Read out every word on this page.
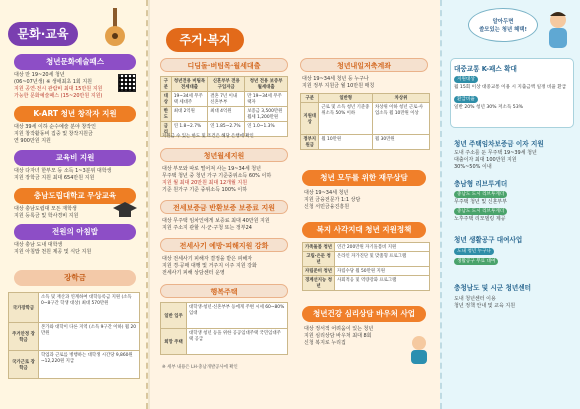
문화·교육
청년문화예술패스
대상 만 19~20세 청년
(06~07년생) ※ 생애최초 1회 지원
지원 공연·전시 관람비 최대 15만원 지원
가능한 문화예술패스 (15~20만원 지원)
K-ART 청년 창작자 지원
대상 39세 이하 순수예술 분야 창작인
지원 창작활동비 집중 및 창작지원금
연 900만원 지원
교육비 지원
대상 다자녀 한부모 등 소득 1~3분위 대학생
지원 장학금 지원 최대 654만원 지원
충남도립대학교 무상교육
대상 충남도립대 모든 재학생
지원 등록금 및 학사경비 지원
전원의 아침밥
대상 충남 도내 대학생
지원 아침밥 천원 제공 및 식단 지원
장학금
국가장학금	소득 및 재산과 연계하여 대학등록금 지원 (소득 0~8구간 학생 대상) 최대 570만원
주거안정 장학금	본가와 대학이 다른 지역 (소득 9구간 이하) 월 20만원
국가근로 장학금	학업과 근로를 병행하는 대학생 시간당 9,860원~12,220원 지급
주거·복지
디딤돌·버팀목·월세대출
구분	청년전용 버팀목 전세대출	신혼부부 전용 구입자금	청년 전용 보증부 월세대출
대상	19~34세 무주택 세대주	결혼 7년 이내 신혼부부	만 19~34세 무주택자
한도	최대 2억원	최대 4억원	보증금 3,500만원 월세 1,200만원
금리	연 1.8~2.7%	연 1.85~2.7%	연 1.0~1.3%
지원금 수 있는 한도 및 조건은 해당 은행에 확인
청년월세지원
대상 부모와 따로 떨어져 사는 19~34세 청년
무주택 청년 중 청년 가구 기준중위소득 60% 이하
지원 월 최대 20만원 최대 12개월 지원
기준 원가구 기준 중위소득 100% 이하
전세보증금 반환보증 보증료 지원
대상 무주택 임차인에게 보증료 최대 40만원 지원
지원 주소지 관할 시·군·구청 또는 정부24
전세사기 예방·피해지원 강화
대상 전세사기 피해자 결정을 받은 피해자
지원 경·공매 대행 및 거주지 이주 지원 강화
전세사기 피해 상담센터 운영
행복주택
일반 입주	대학생·청년·신혼부부 등에게 주변 시세 60~80% 임대
희망 주택	대학생 청년 등을 위한 공공임대주택 국민임대주택 공급
※ 세부 내용은 LH·충남개발공사에 확인
청년내일저축계좌
대상 19~34세 청년 등 누구나
지원 정부 지원금 월 10만원 매칭
구분	일반형	차상위
지원대상	근로 및 소득 청년 기준중위소득 50% 이하	차상위 이하 청년 근로·사업소득 월 10만원 이상
정부지원금	월 10만원	월 30만원
청년 모두를 위한 재무상담
대상 19~34세 청년
지원 금융전문가 1:1 상담
신청 서민금융진흥원
복지 사각지대 청년 지원정책
가족돌봄 청년	연간 200만원 자기돌봄비 지원
고립·은둔 청년	온라인 자가진단 및 맞춤형 프로그램
자립준비 청년	자립수당 월 50만원 지원
경계선지능 청년	사회적응 및 역량강화 프로그램
청년건강 심리상담 바우처 사업
대상 정서적 어려움이 있는 청년
지원 심리상담 바우처 최대 8회
신청 복지로 누리집
알아두면
쓸모있는 청년 혜택!
대중교통 K-패스 확대
지원대상
월 15회 이상 대중교통 이용 시 지출금액 일정 비율 환급
환급비율
일반 20% 청년 30% 저소득 53%
청년 주택임차보증금 이자 지원
도내 주소를 둔 무주택 19~39세 청년
대출이자 최대 100만원 지원
30%~50% 이내
충남형 리브투게더
충남도 도시 리브투게더
무주택 청년 및 신혼부부
충남도 도시 리브투게더
노후주택 리모델링 제공
청년 생활공구 대여사업
도내 청년 누구나
생활공구 무료 대여
충청남도 및 시군 청년센터
도내 청년센터 이용
청년 정책 안내 및 교육 지원
